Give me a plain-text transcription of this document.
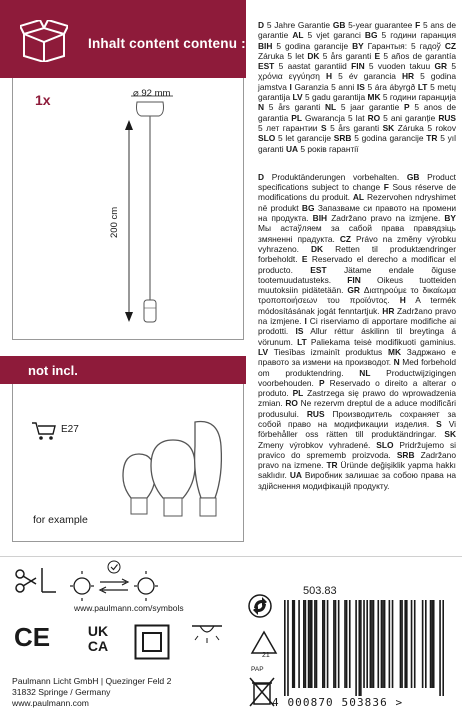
Inhalt content contenu :
1x	⌀ 92 mm
200 cm
not incl.
E27
for example
D 5 Jahre Garantie GB 5-year guarantee F 5 ans de garantie AL 5 vjet garanci BG 5 години гаранция BIH 5 godina garancije BY Гарантыя: 5 гадоў CZ Záruka 5 let DK 5 års garanti E 5 años de garantía EST 5 aastat garantiid FIN 5 vuoden takuu GR 5 χρόνια εγγύηση H 5 év garancia HR 5 godina jamstva I Garanzia 5 anni IS 5 ára ábyrgð LT 5 metų garantija LV 5 gadu garantija MK 5 години гаранција N 5 års garanti NL 5 jaar garantie P 5 anos de garantia PL Gwarancja 5 lat RO 5 ani garanție RUS 5 лет гарантии S 5 års garanti SK Záruka 5 rokov SLO 5 let garancije SRB 5 godina garancije TR 5 yıl garanti UA 5 років гарантії
D Produktänderungen vorbehalten. GB Product specifications subject to change F Sous réserve de modifications du produit. AL Rezervohen ndryshimet në produkt BG Запазваме си правото на промени на продукта. BIH Zadržano pravo na izmjene. BY Мы астаўляем за сабой права правядзіць змяненні прадукта. CZ Právo na změny výrobku vyhrazeno. DK Retten til produktændringer forbeholdt. E Reservado el derecho a modificar el producto. EST Jätame endale õiguse tootemuudatusteks. FIN Oikeus tuotteiden muutoksiin pidätetään. GR Διατηρούμε το δικαίωμα τροποποιήσεων του προϊόντος. H A termék módosításának jogát fenntartjuk. HR Zadržano pravo na izmjene. I Ci riserviamo di apportare modifiche ai prodotti. IS Allur réttur áskilinn til breytinga á vörunum. LT Paliekama teisė modifikuoti gaminius. LV Tiesības izmainīt produktus MK Задржано е правото за измени на производот. N Med forbehold om produktendring. NL Productwijzigingen voorbehouden. P Reservado o direito a alterar o produto. PL Zastrzega się prawo do wprowadzenia zmian. RO Ne rezervm dreptul de a aduce modificări produsului. RUS Производитель сохраняет за собой право на модификации изделия. S Vi förbehåller oss rätten till produktändringar. SK Zmeny výrobkov vyhradené. SLO Pridržujemo si pravico do sprememb proizvoda. SRB Zadržano pravo na izmene. TR Üründe değişiklik yapma hakkı saklıdır. UA Виробник залишає за собою права на здійснення модифікацій продукту.
www.paulmann.com/symbols
503.83
CE	UK
CA
21
PAP
4 000870 503836 >
Paulmann Licht GmbH | Quezinger Feld 2
31832 Springe / Germany
www.paulmann.com
